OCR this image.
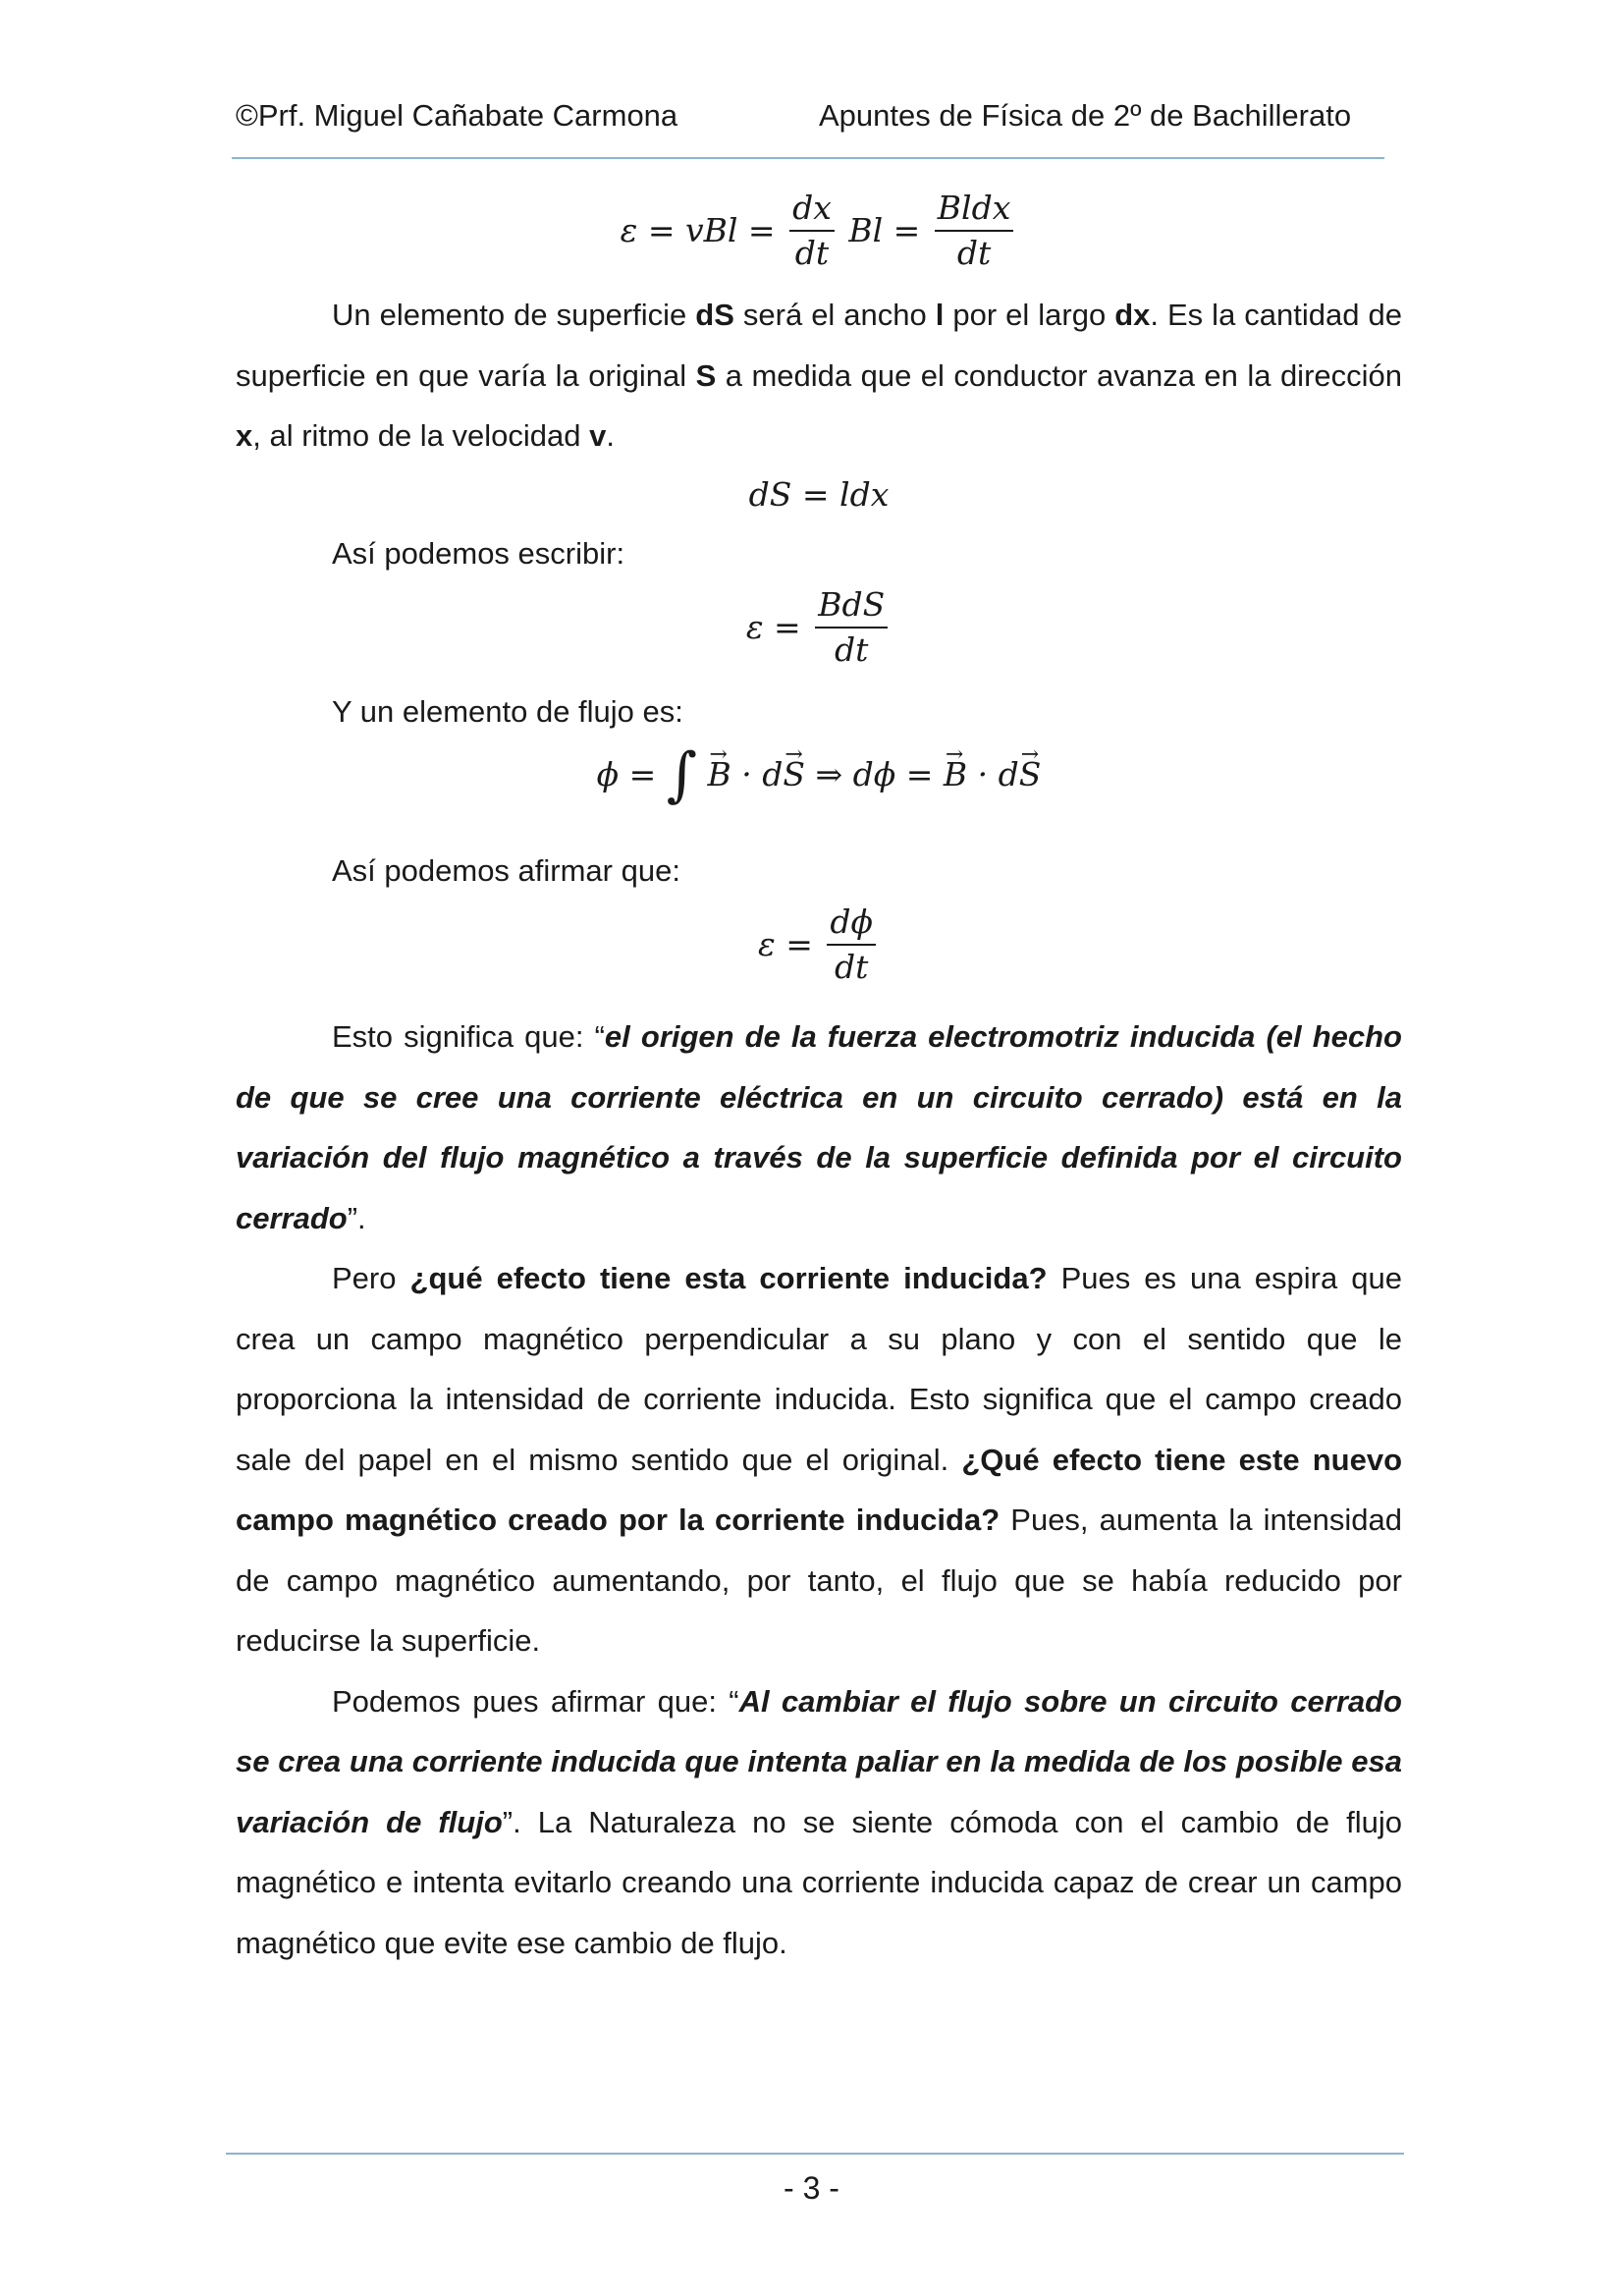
©Prf. Miguel Cañabate Carmona	Apuntes de Física de 2º de Bachillerato
ε = vBl = $\frac{dx}{dt}$ $Bl = \frac{\text{Bldx}}{dt}$

Un elemento de superficie dS será el ancho l por el largo dx. Es la cantidad de superficie en que varía la original S a medida que el conductor avanza en la dirección x, al ritmo de la velocidad v.

dS = ldx

Así podemos escribir:

$\varepsilon = \frac{\text{BdS}}{dt}$

Y un elemento de flujo es:

ϕ = ∫ → B · d→ S ⇒ dϕ = → B · d→ S

Así podemos afirmar que:

$\varepsilon = \frac{d\phi}{dt}$

Esto significa que: “el origen de la fuerza electromotriz inducida (el hecho de que se cree una corriente eléctrica en un circuito cerrado) está en la variación del flujo magnético a través de la superficie definida por el circuito cerrado”.

Pero ¿qué efecto tiene esta corriente inducida? Pues es una espira que crea un campo magnético perpendicular a su plano y con el sentido que le proporciona la intensidad de corriente inducida. Esto significa que el campo creado sale del papel en el mismo sentido que el original. ¿Qué efecto tiene este nuevo campo magnético creado por la corriente inducida? Pues, aumenta la intensidad de campo magnético aumentando, por tanto, el flujo que se había reducido por reducirse la superficie.

Podemos pues afirmar que: “Al cambiar el flujo sobre un circuito cerrado se crea una corriente inducida que intenta paliar en la medida de los posible esa variación de flujo”. La Naturaleza no se siente cómoda con el cambio de flujo magnético e intenta evitarlo creando una corriente inducida capaz de crear un campo magnético que evite ese cambio de flujo.

- 3 -
